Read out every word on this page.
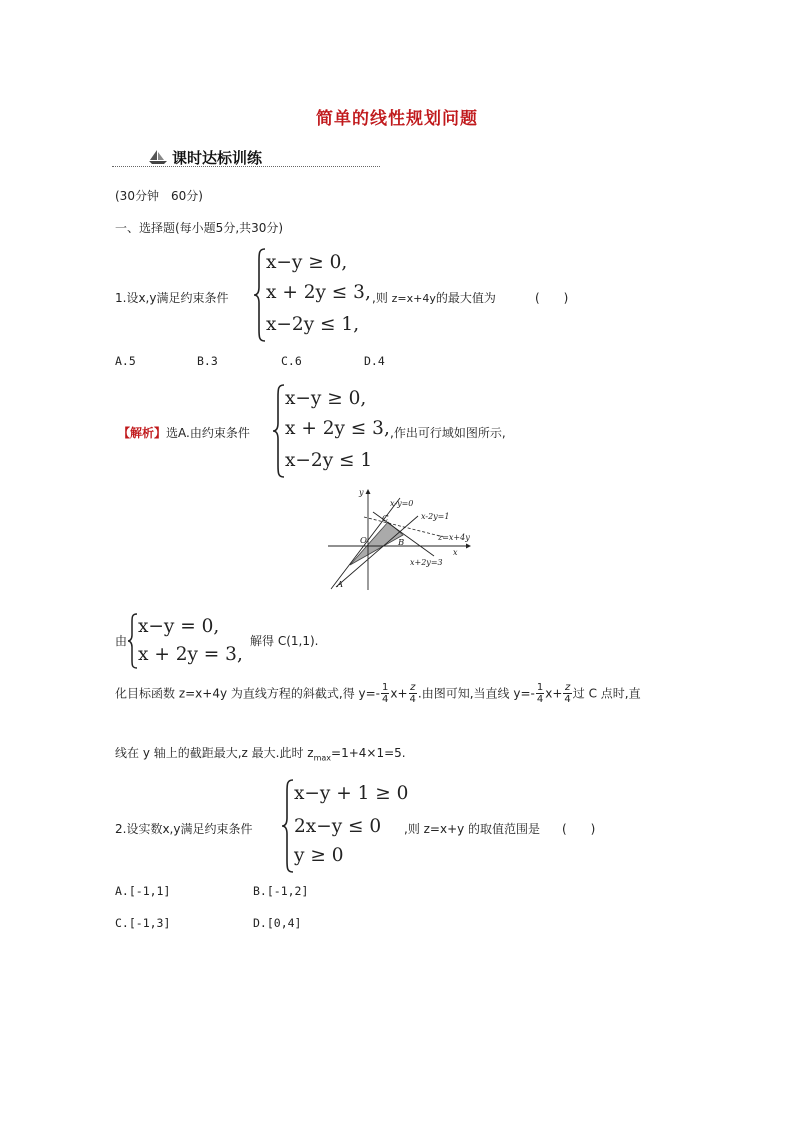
简单的线性规划问题
课时达标训练
(30分钟　60分)
一、选择题(每小题5分,共30分)
1.设x,y满足约束条件
x−y ≥ 0,
x + 2y ≤ 3,
x−2y ≤ 1,
,则 z=x+4y的最大值为	(　　)
A.5	B.3	C.6	D.4
【解析】选A.由约束条件
x−y ≥ 0,
x + 2y ≤ 3,
x−2y ≤ 1
,作出可行域如图所示,
x-y=0
x-2y=1
z=x+4y
x+2y=3
C
O	B
A
y
x
由
x−y = 0,
x + 2y = 3,
解得 C(1,1).
化目标函数 z=x+4y 为直线方程的斜截式,得 $y=- \frac{1}{4} x+ \frac{z}{4}$ .由图可知,当直线 $y=- \frac{1}{4} x+ \frac{z}{4}$ 过 C 点时,直
线在 y 轴上的截距最大,z 最大.此时 $z_{max}=1+4\times 1=5$.
2.设实数x,y满足约束条件
x−y + 1 ≥ 0
2x−y ≤ 0
y ≥ 0
,则 z=x+y 的取值范围是 (　　)
A.[-1,1]	B.[-1,2]
C.[-1,3]	D.[0,4]
